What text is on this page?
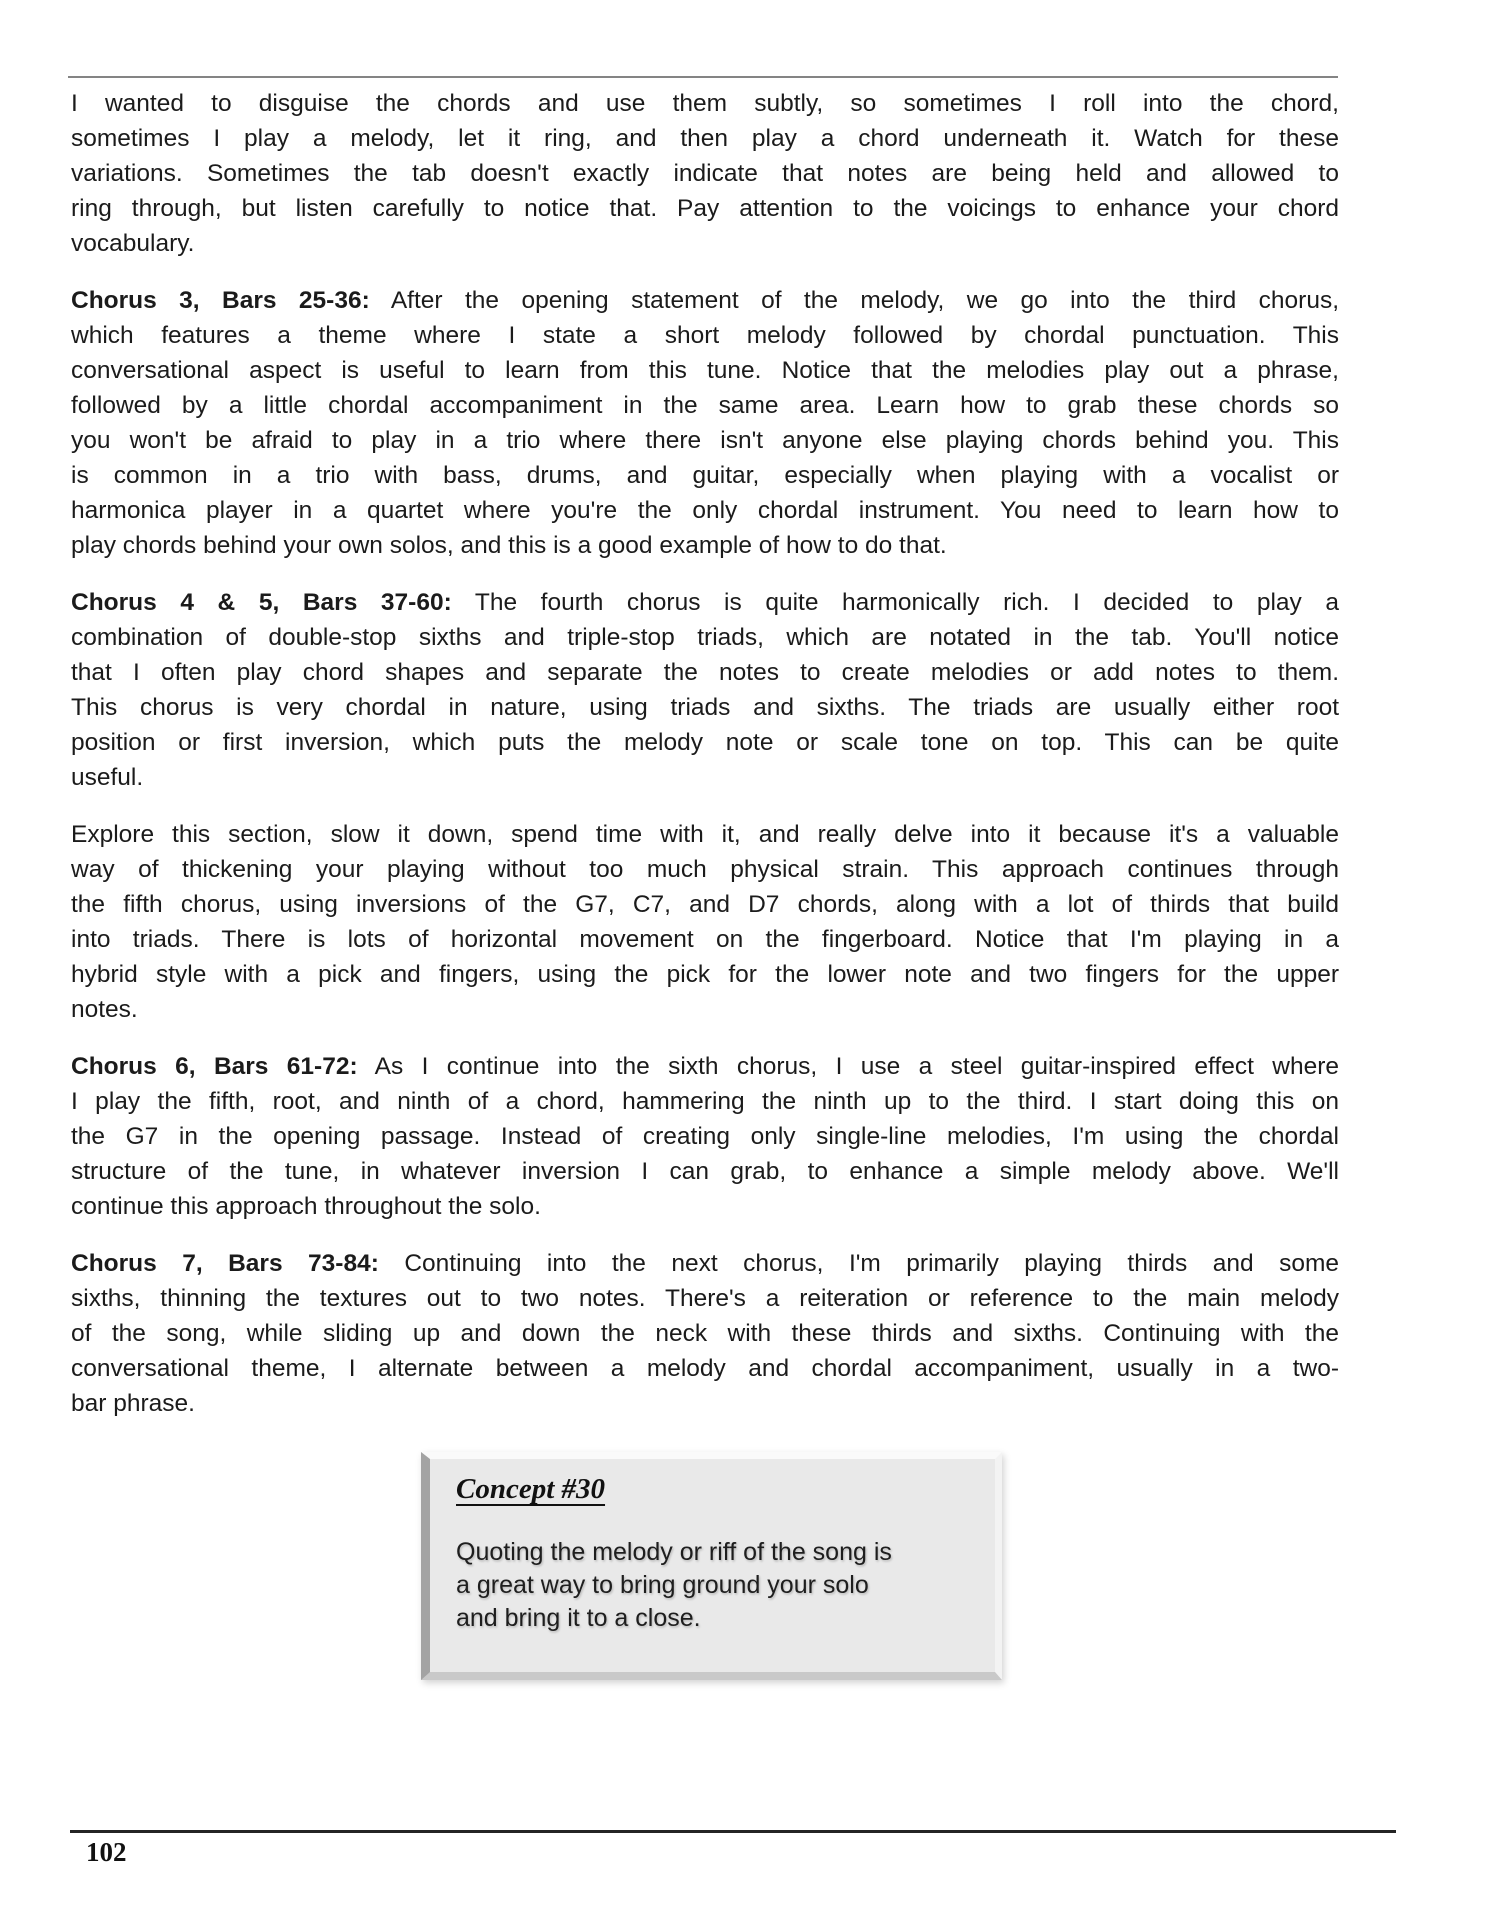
I wanted to disguise the chords and use them subtly, so sometimes I roll into the chord,
sometimes I play a melody, let it ring, and then play a chord underneath it. Watch for these
variations. Sometimes the tab doesn't exactly indicate that notes are being held and allowed to
ring through, but listen carefully to notice that. Pay attention to the voicings to enhance your chord
vocabulary.
Chorus 3, Bars 25-36: After the opening statement of the melody, we go into the third chorus,
which features a theme where I state a short melody followed by chordal punctuation. This
conversational aspect is useful to learn from this tune. Notice that the melodies play out a phrase,
followed by a little chordal accompaniment in the same area. Learn how to grab these chords so
you won't be afraid to play in a trio where there isn't anyone else playing chords behind you. This
is common in a trio with bass, drums, and guitar, especially when playing with a vocalist or
harmonica player in a quartet where you're the only chordal instrument. You need to learn how to
play chords behind your own solos, and this is a good example of how to do that.
Chorus 4 & 5, Bars 37-60: The fourth chorus is quite harmonically rich. I decided to play a
combination of double-stop sixths and triple-stop triads, which are notated in the tab. You'll notice
that I often play chord shapes and separate the notes to create melodies or add notes to them.
This chorus is very chordal in nature, using triads and sixths. The triads are usually either root
position or first inversion, which puts the melody note or scale tone on top. This can be quite
useful.
Explore this section, slow it down, spend time with it, and really delve into it because it's a valuable
way of thickening your playing without too much physical strain. This approach continues through
the fifth chorus, using inversions of the G7, C7, and D7 chords, along with a lot of thirds that build
into triads. There is lots of horizontal movement on the fingerboard. Notice that I'm playing in a
hybrid style with a pick and fingers, using the pick for the lower note and two fingers for the upper
notes.
Chorus 6, Bars 61-72: As I continue into the sixth chorus, I use a steel guitar-inspired effect where
I play the fifth, root, and ninth of a chord, hammering the ninth up to the third. I start doing this on
the G7 in the opening passage. Instead of creating only single-line melodies, I'm using the chordal
structure of the tune, in whatever inversion I can grab, to enhance a simple melody above. We'll
continue this approach throughout the solo.
Chorus 7, Bars 73-84: Continuing into the next chorus, I'm primarily playing thirds and some
sixths, thinning the textures out to two notes. There's a reiteration or reference to the main melody
of the song, while sliding up and down the neck with these thirds and sixths. Continuing with the
conversational theme, I alternate between a melody and chordal accompaniment, usually in a two-
bar phrase.
Concept #30
Quoting the melody or riff of the song is
a great way to bring ground your solo
and bring it to a close.
102
